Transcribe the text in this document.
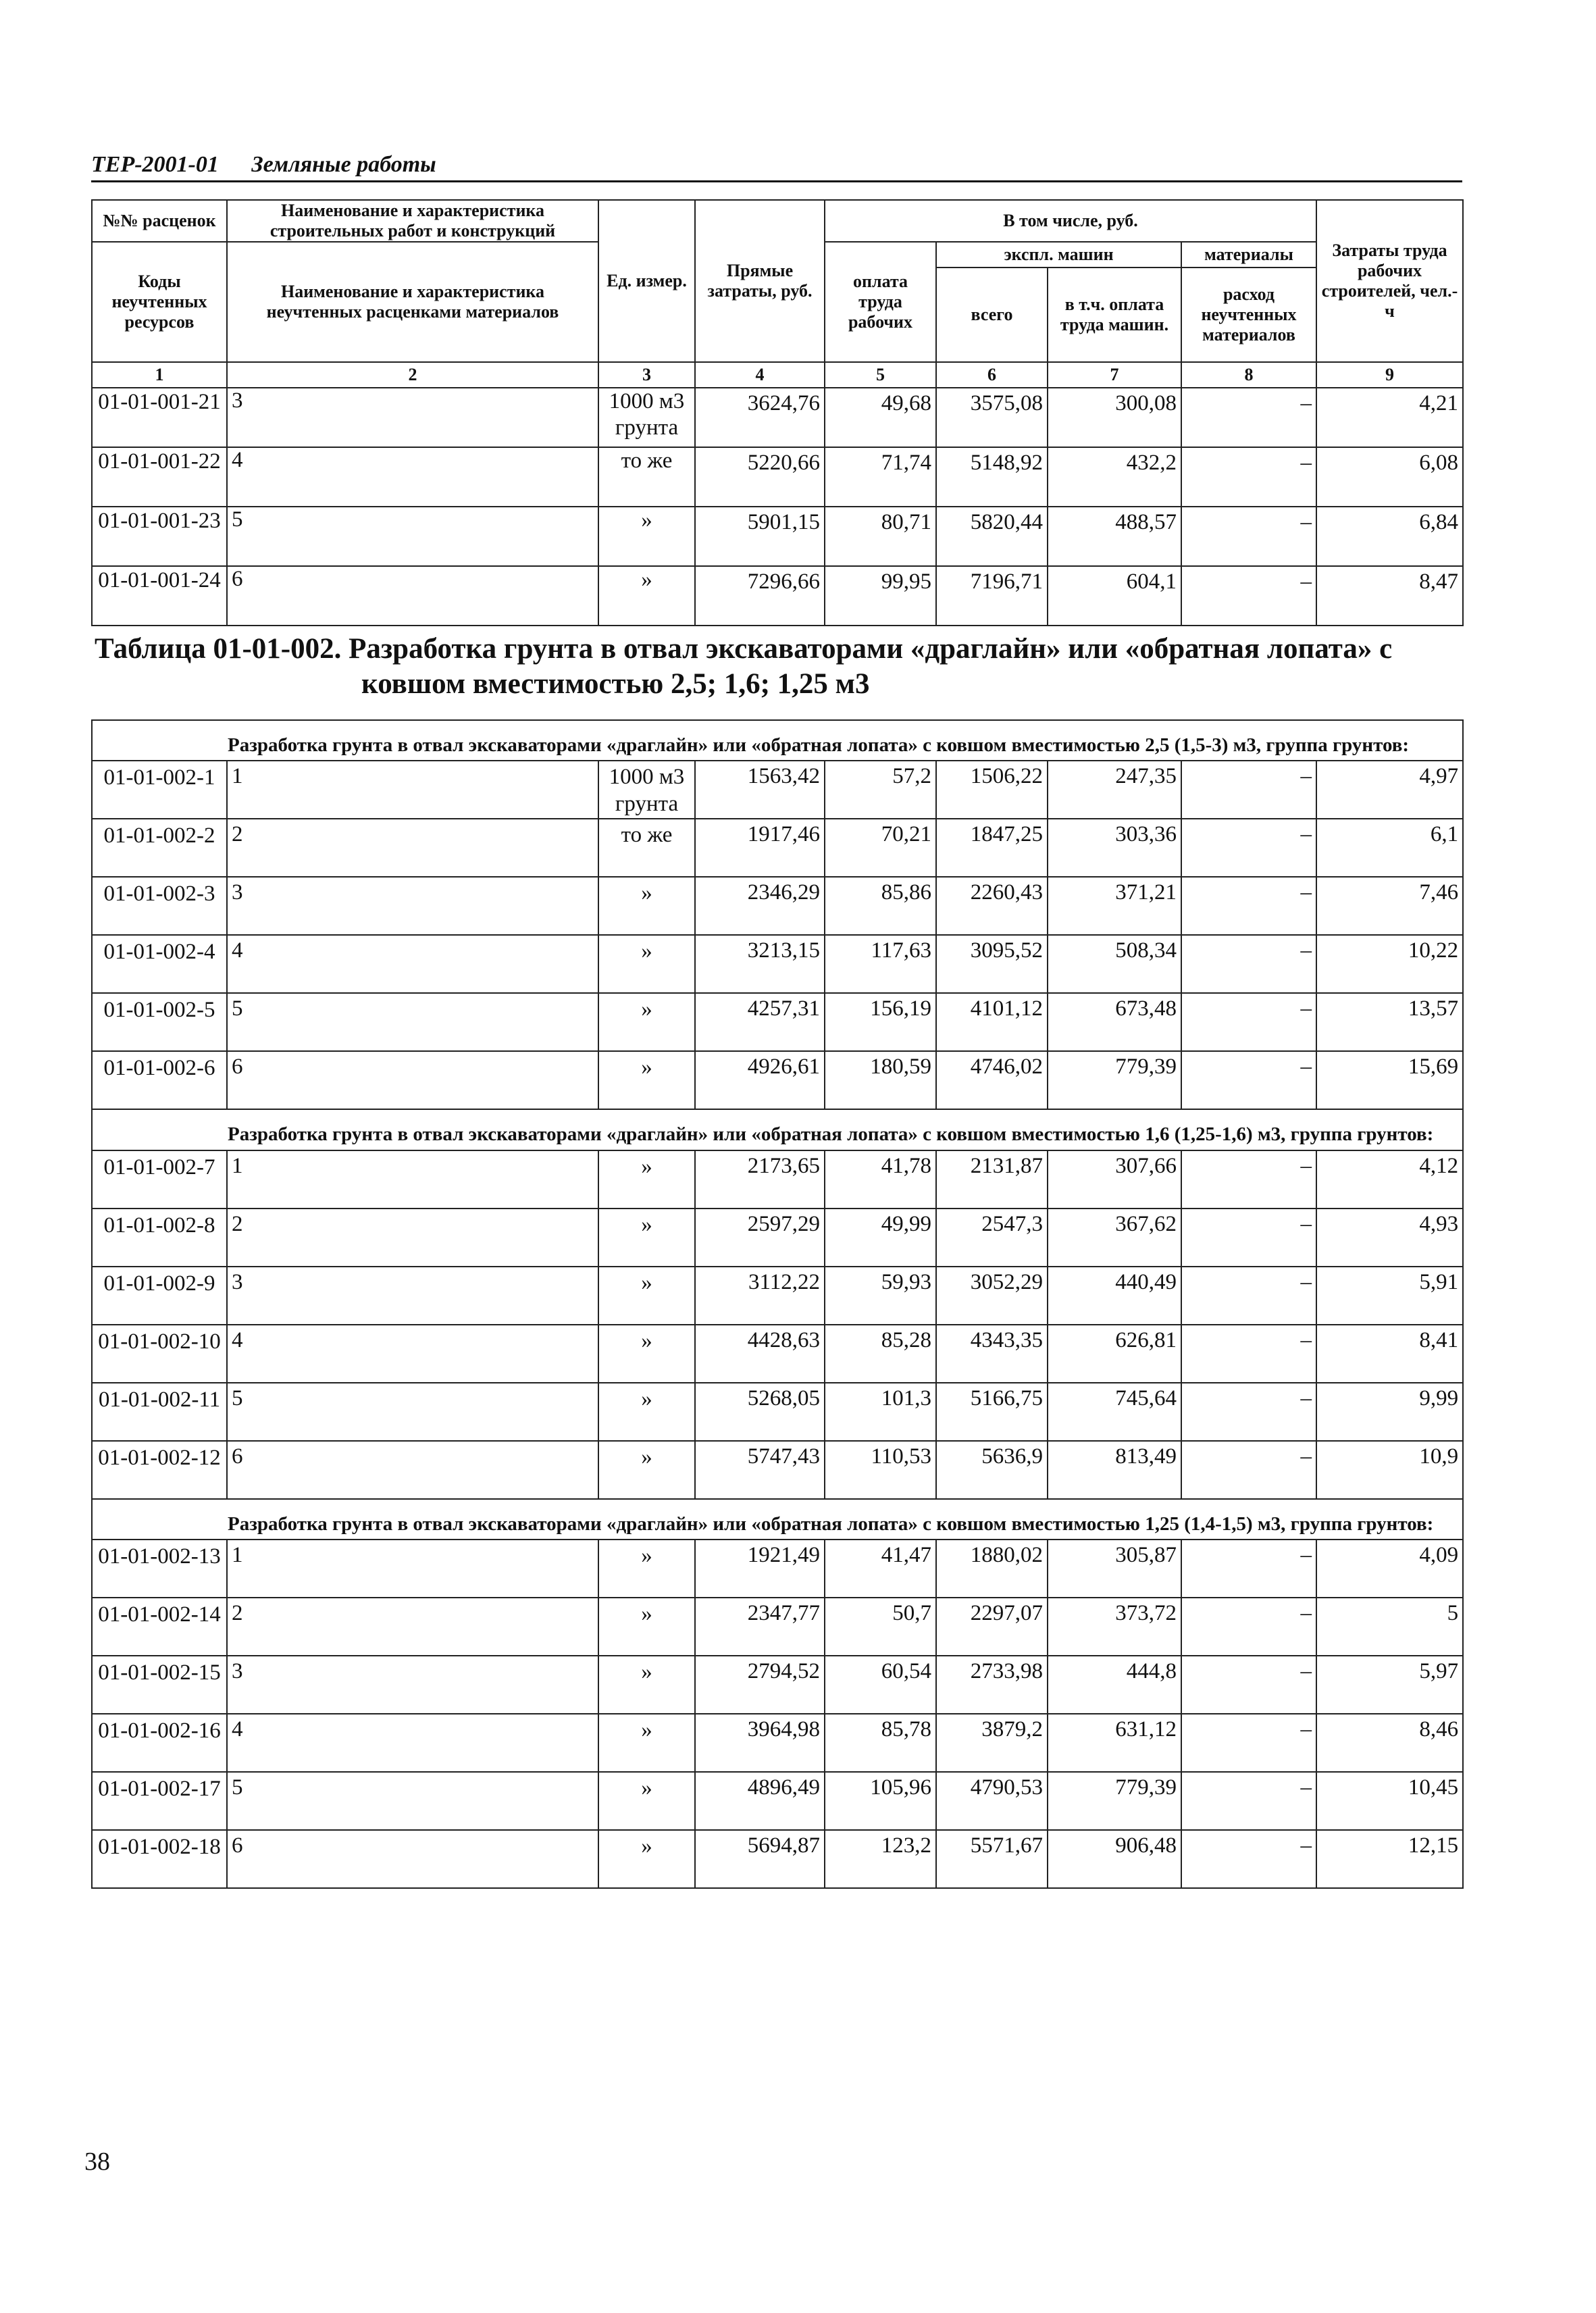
ТЕР-2001-01 Земляные работы
№№ расценок	Наименование и характеристика строительных работ и конструкций	Ед. измер.	Прямые затраты, руб.	В том числе, руб.				Затраты труда рабочих строителей, чел.-ч
Коды неучтенных ресурсов	Наименование и характеристика неучтенных расценками материалов			оплата труда рабочих	экспл. машин		материалы	
					всего	в т.ч. оплата труда машин.	расход неучтенных материалов	

1	2	3	4	5	6	7	8	9
01-01-001-21	3	1000 м3 грунта	3624,76	49,68	3575,08	300,08	–	4,21
01-01-001-22	4	то же	5220,66	71,74	5148,92	432,2	–	6,08
01-01-001-23	5	»	5901,15	80,71	5820,44	488,57	–	6,84
01-01-001-24	6	»	7296,66	99,95	7196,71	604,1	–	8,47
Таблица 01-01-002. Разработка грунта в отвал экскаваторами «драглайн» или «обратная лопата» с
ковшом вместимостью 2,5; 1,6; 1,25 м3
Разработка грунта в отвал экскаваторами «драглайн» или «обратная лопата» с ковшом вместимостью 2,5 (1,5-3) м3, группа грунтов:								
01-01-002-1	1	1000 м3 грунта	1563,42	57,2	1506,22	247,35	–	4,97
01-01-002-2	2	то же	1917,46	70,21	1847,25	303,36	–	6,1
01-01-002-3	3	»	2346,29	85,86	2260,43	371,21	–	7,46
01-01-002-4	4	»	3213,15	117,63	3095,52	508,34	–	10,22
01-01-002-5	5	»	4257,31	156,19	4101,12	673,48	–	13,57
01-01-002-6	6	»	4926,61	180,59	4746,02	779,39	–	15,69
Разработка грунта в отвал экскаваторами «драглайн» или «обратная лопата» с ковшом вместимостью 1,6 (1,25-1,6) м3, группа грунтов:								
01-01-002-7	1	»	2173,65	41,78	2131,87	307,66	–	4,12
01-01-002-8	2	»	2597,29	49,99	2547,3	367,62	–	4,93
01-01-002-9	3	»	3112,22	59,93	3052,29	440,49	–	5,91
01-01-002-10	4	»	4428,63	85,28	4343,35	626,81	–	8,41
01-01-002-11	5	»	5268,05	101,3	5166,75	745,64	–	9,99
01-01-002-12	6	»	5747,43	110,53	5636,9	813,49	–	10,9
Разработка грунта в отвал экскаваторами «драглайн» или «обратная лопата» с ковшом вместимостью 1,25 (1,4-1,5) м3, группа грунтов:								
01-01-002-13	1	»	1921,49	41,47	1880,02	305,87	–	4,09
01-01-002-14	2	»	2347,77	50,7	2297,07	373,72	–	5
01-01-002-15	3	»	2794,52	60,54	2733,98	444,8	–	5,97
01-01-002-16	4	»	3964,98	85,78	3879,2	631,12	–	8,46
01-01-002-17	5	»	4896,49	105,96	4790,53	779,39	–	10,45
01-01-002-18	6	»	5694,87	123,2	5571,67	906,48	–	12,15
38
